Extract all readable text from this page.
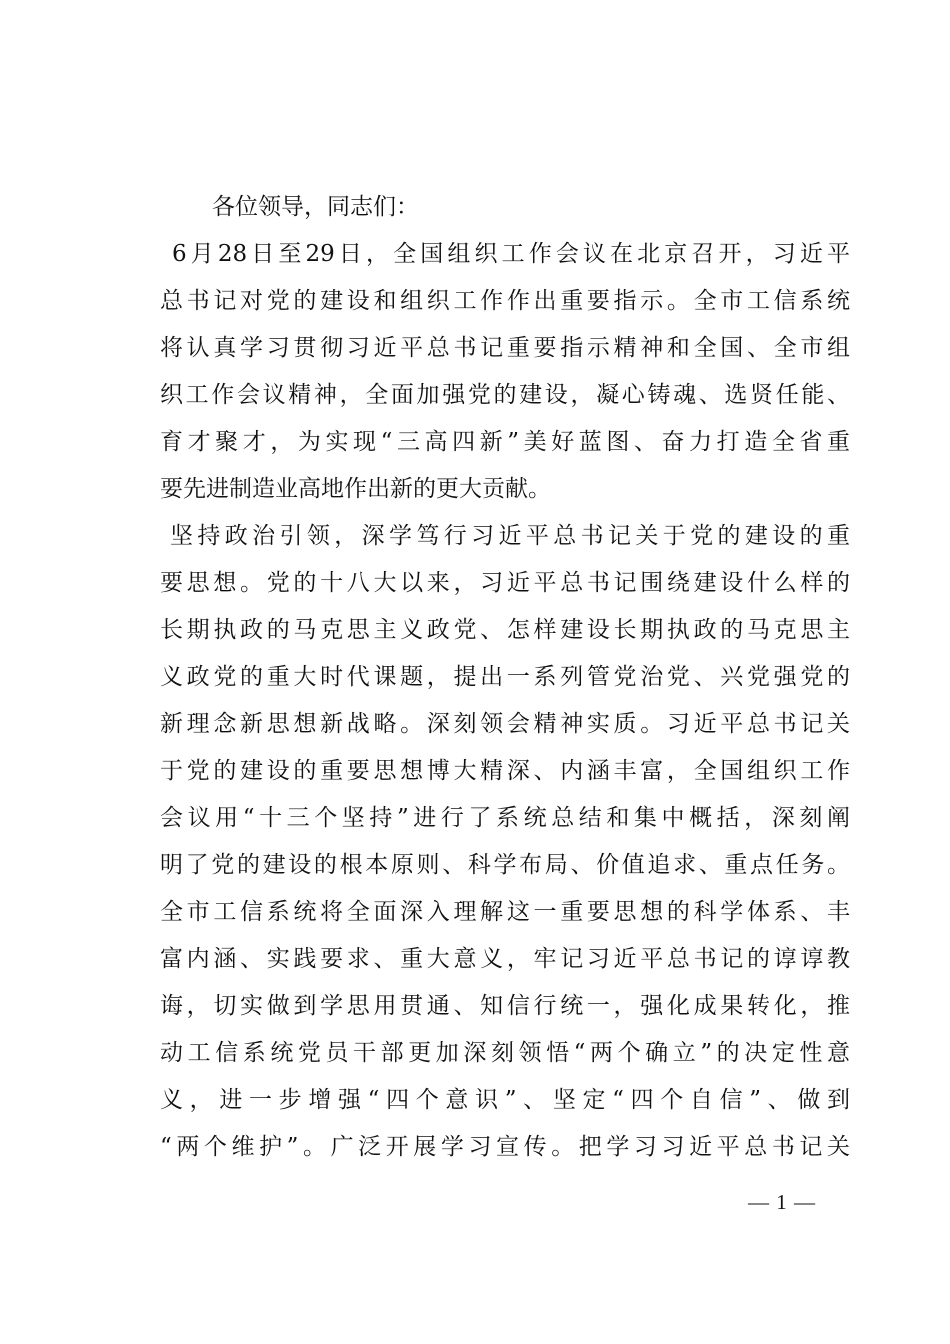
各位领导，同志们：
6月28日至29日，全国组织工作会议在北京召开，习近平
总书记对党的建设和组织工作作出重要指示。全市工信系统
将认真学习贯彻习近平总书记重要指示精神和全国、全市组
织工作会议精神，全面加强党的建设，凝心铸魂、选贤任能、
育才聚才，为实现“三高四新”美好蓝图、奋力打造全省重
要先进制造业高地作出新的更大贡献。
坚持政治引领，深学笃行习近平总书记关于党的建设的重
要思想。党的十八大以来，习近平总书记围绕建设什么样的
长期执政的马克思主义政党、怎样建设长期执政的马克思主
义政党的重大时代课题，提出一系列管党治党、兴党强党的
新理念新思想新战略。深刻领会精神实质。习近平总书记关
于党的建设的重要思想博大精深、内涵丰富，全国组织工作
会议用“十三个坚持”进行了系统总结和集中概括，深刻阐
明了党的建设的根本原则、科学布局、价值追求、重点任务。
全市工信系统将全面深入理解这一重要思想的科学体系、丰
富内涵、实践要求、重大意义，牢记习近平总书记的谆谆教
诲，切实做到学思用贯通、知信行统一，强化成果转化，推
动工信系统党员干部更加深刻领悟“两个确立”的决定性意
义，进一步增强“四个意识”、坚定“四个自信”、做到
“两个维护”。广泛开展学习宣传。把学习习近平总书记关
— 1 —
